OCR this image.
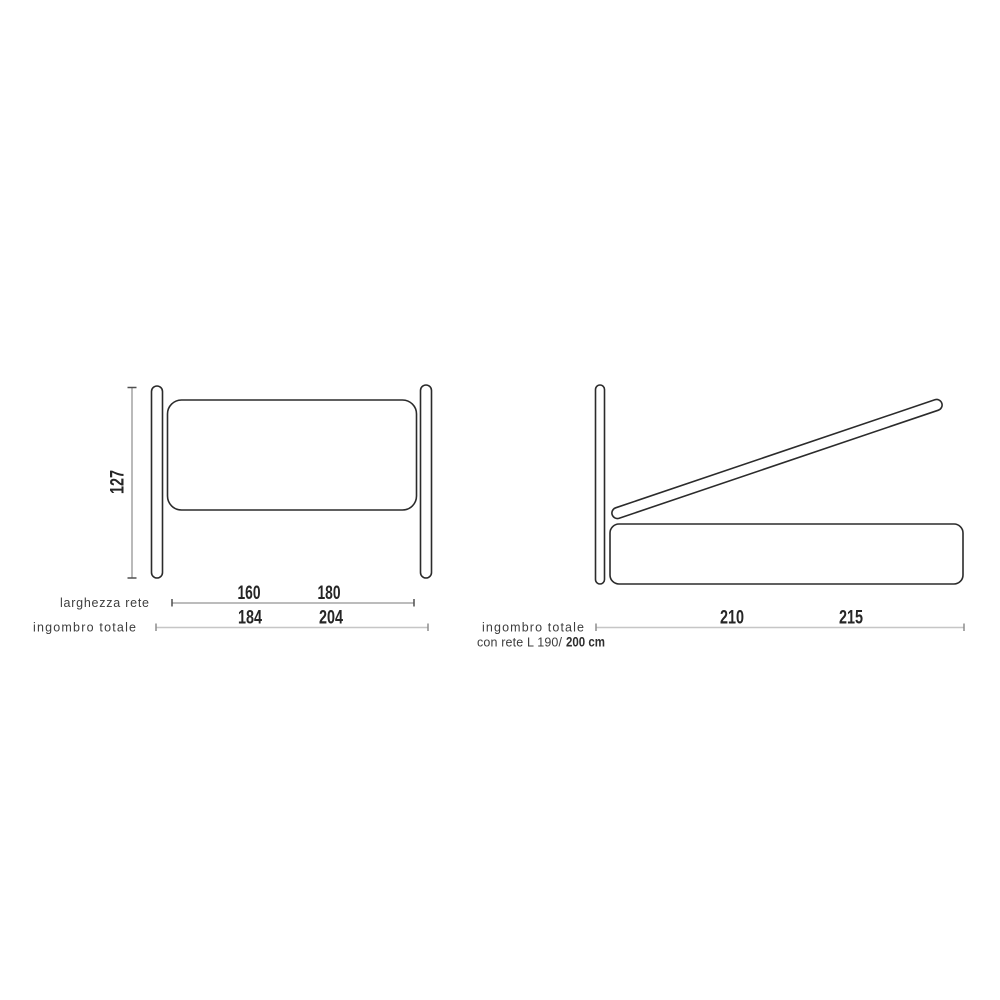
127
larghezza rete	160	180
ingombro totale	184	204	ingombro totale
con rete L 190/ 200 cm
210	215
